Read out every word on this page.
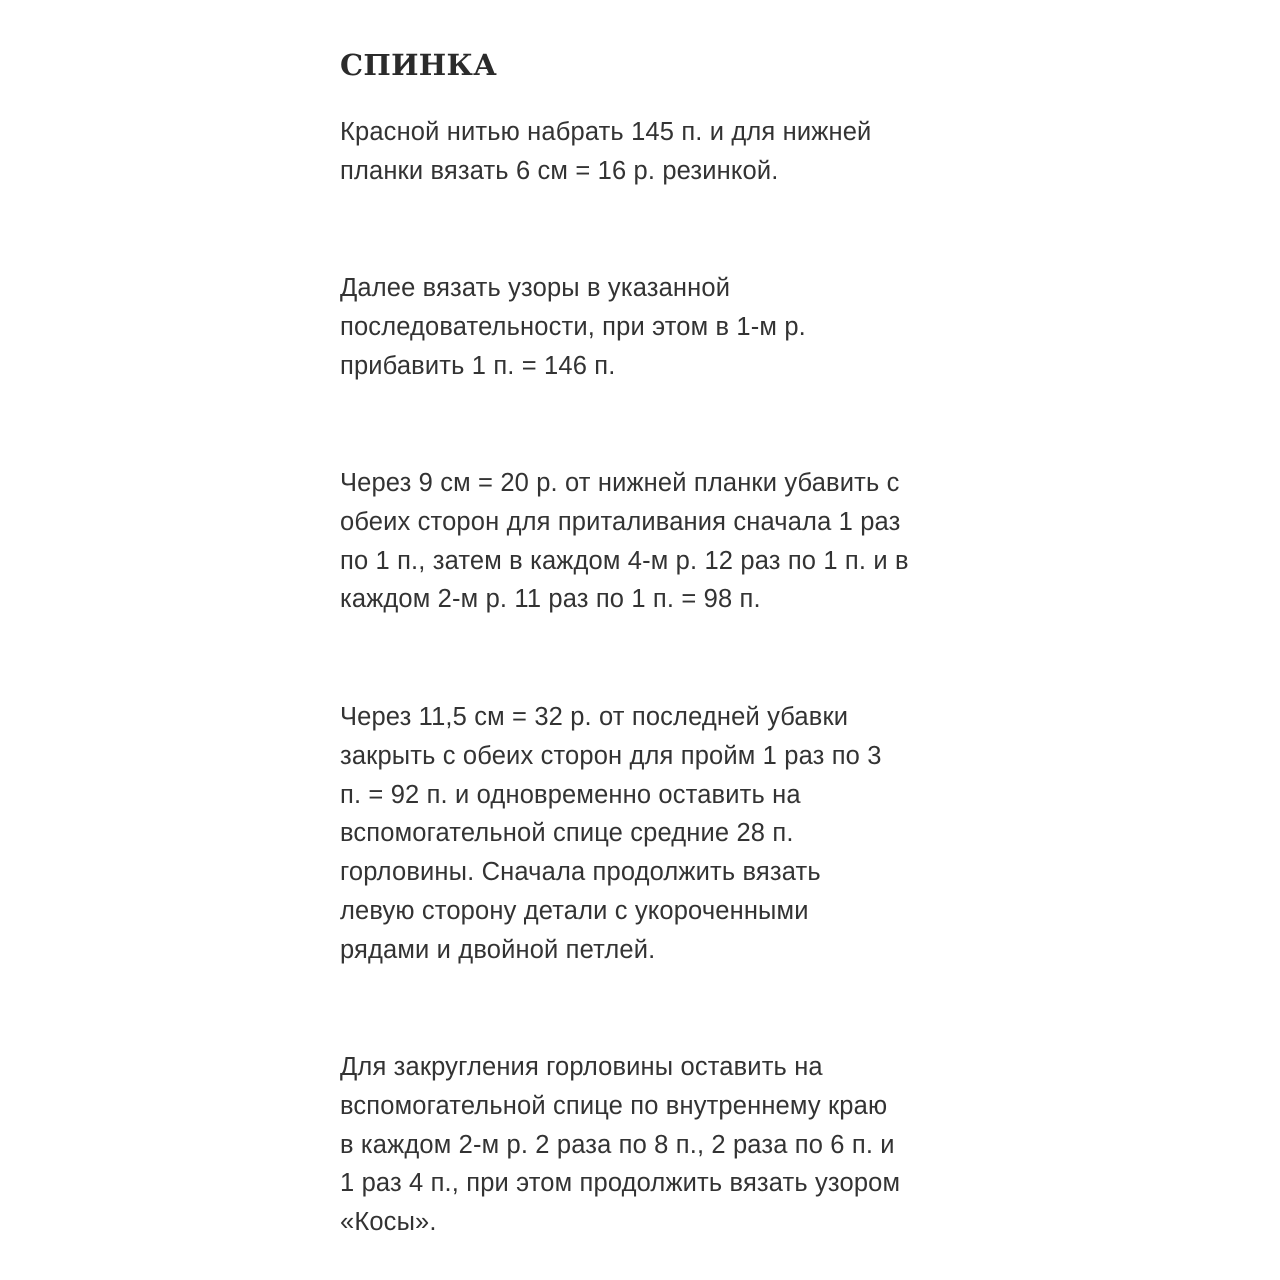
СПИНКА

Красной нитью набрать 145 п. и для нижней
планки вязать 6 см = 16 р. резинкой.

Далее вязать узоры в указанной
последовательности, при этом в 1-м р.
прибавить 1 п. = 146 п.

Через 9 см = 20 р. от нижней планки убавить с
обеих сторон для приталивания сначала 1 раз
по 1 п., затем в каждом 4-м р. 12 раз по 1 п. и в
каждом 2-м р. 11 раз по 1 п. = 98 п.

Через 11,5 см = 32 р. от последней убавки
закрыть с обеих сторон для пройм 1 раз по 3
п. = 92 п. и одновременно оставить на
вспомогательной спице средние 28 п.
горловины. Сначала продолжить вязать
левую сторону детали с укороченными
рядами и двойной петлей.

Для закругления горловины оставить на
вспомогательной спице по внутреннему краю
в каждом 2-м р. 2 раза по 8 п., 2 раза по 6 п. и
1 раз 4 п., при этом продолжить вязать узором
«Косы».
